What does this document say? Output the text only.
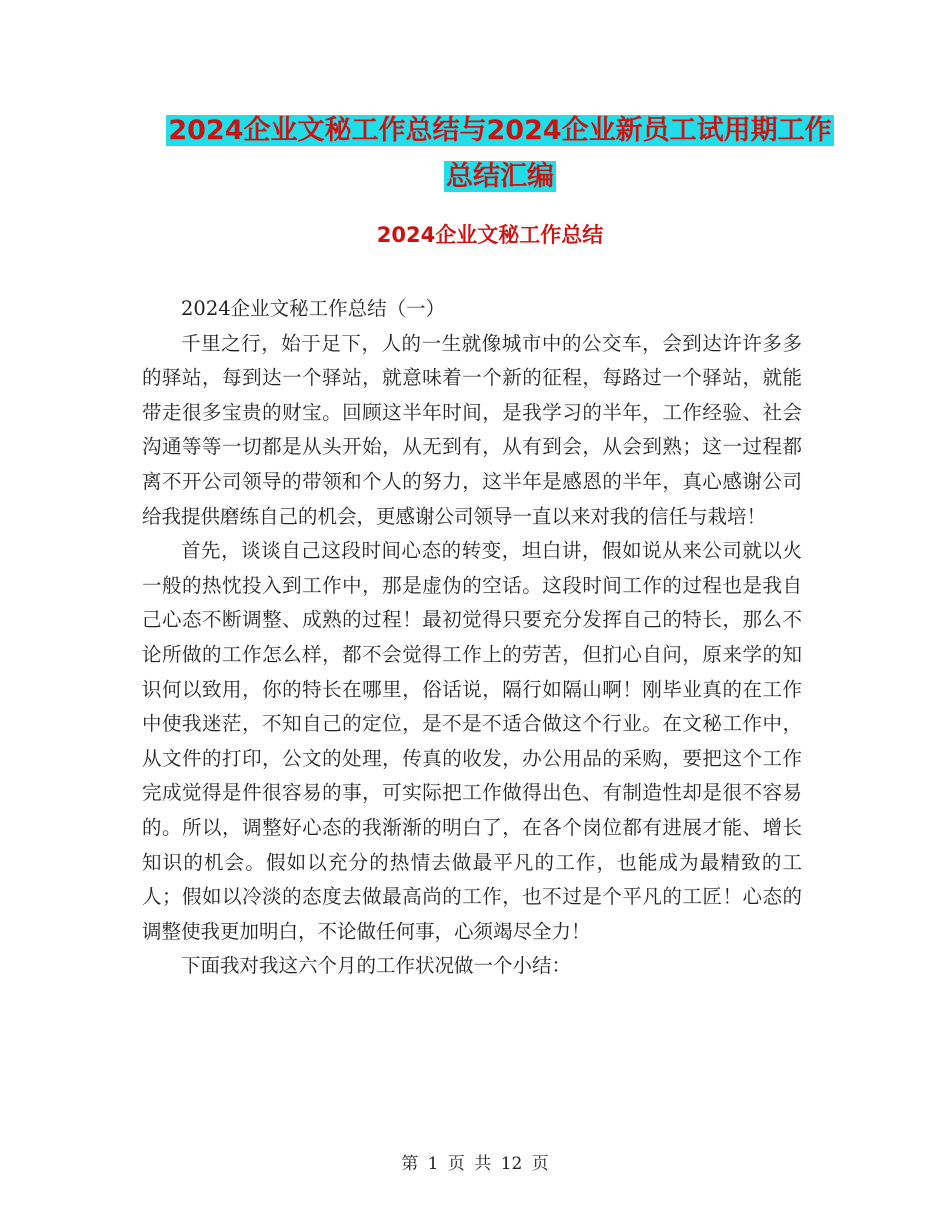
2024企业文秘工作总结与2024企业新员工试用期工作
总结汇编
2024企业文秘工作总结

2024企业文秘工作总结（一）

千里之行，始于足下，人的一生就像城市中的公交车，会到达许许多多的驿站，每到达一个驿站，就意味着一个新的征程，每路过一个驿站，就能带走很多宝贵的财宝。回顾这半年时间，是我学习的半年，工作经验、社会沟通等等一切都是从头开始，从无到有，从有到会，从会到熟；这一过程都离不开公司领导的带领和个人的努力，这半年是感恩的半年，真心感谢公司给我提供磨练自己的机会，更感谢公司领导一直以来对我的信任与栽培！

首先，谈谈自己这段时间心态的转变，坦白讲，假如说从来公司就以火一般的热忱投入到工作中，那是虚伪的空话。这段时间工作的过程也是我自己心态不断调整、成熟的过程！最初觉得只要充分发挥自己的特长，那么不论所做的工作怎么样，都不会觉得工作上的劳苦，但扪心自问，原来学的知识何以致用，你的特长在哪里，俗话说，隔行如隔山啊！刚毕业真的在工作中使我迷茫，不知自己的定位，是不是不适合做这个行业。在文秘工作中，从文件的打印，公文的处理，传真的收发，办公用品的采购，要把这个工作完成觉得是件很容易的事，可实际把工作做得出色、有制造性却是很不容易的。所以，调整好心态的我渐渐的明白了，在各个岗位都有进展才能、增长知识的机会。假如以充分的热情去做最平凡的工作，也能成为最精致的工人；假如以冷淡的态度去做最高尚的工作，也不过是个平凡的工匠！心态的调整使我更加明白，不论做任何事，心须竭尽全力！

下面我对我这六个月的工作状况做一个小结：

第 1 页 共 12 页
